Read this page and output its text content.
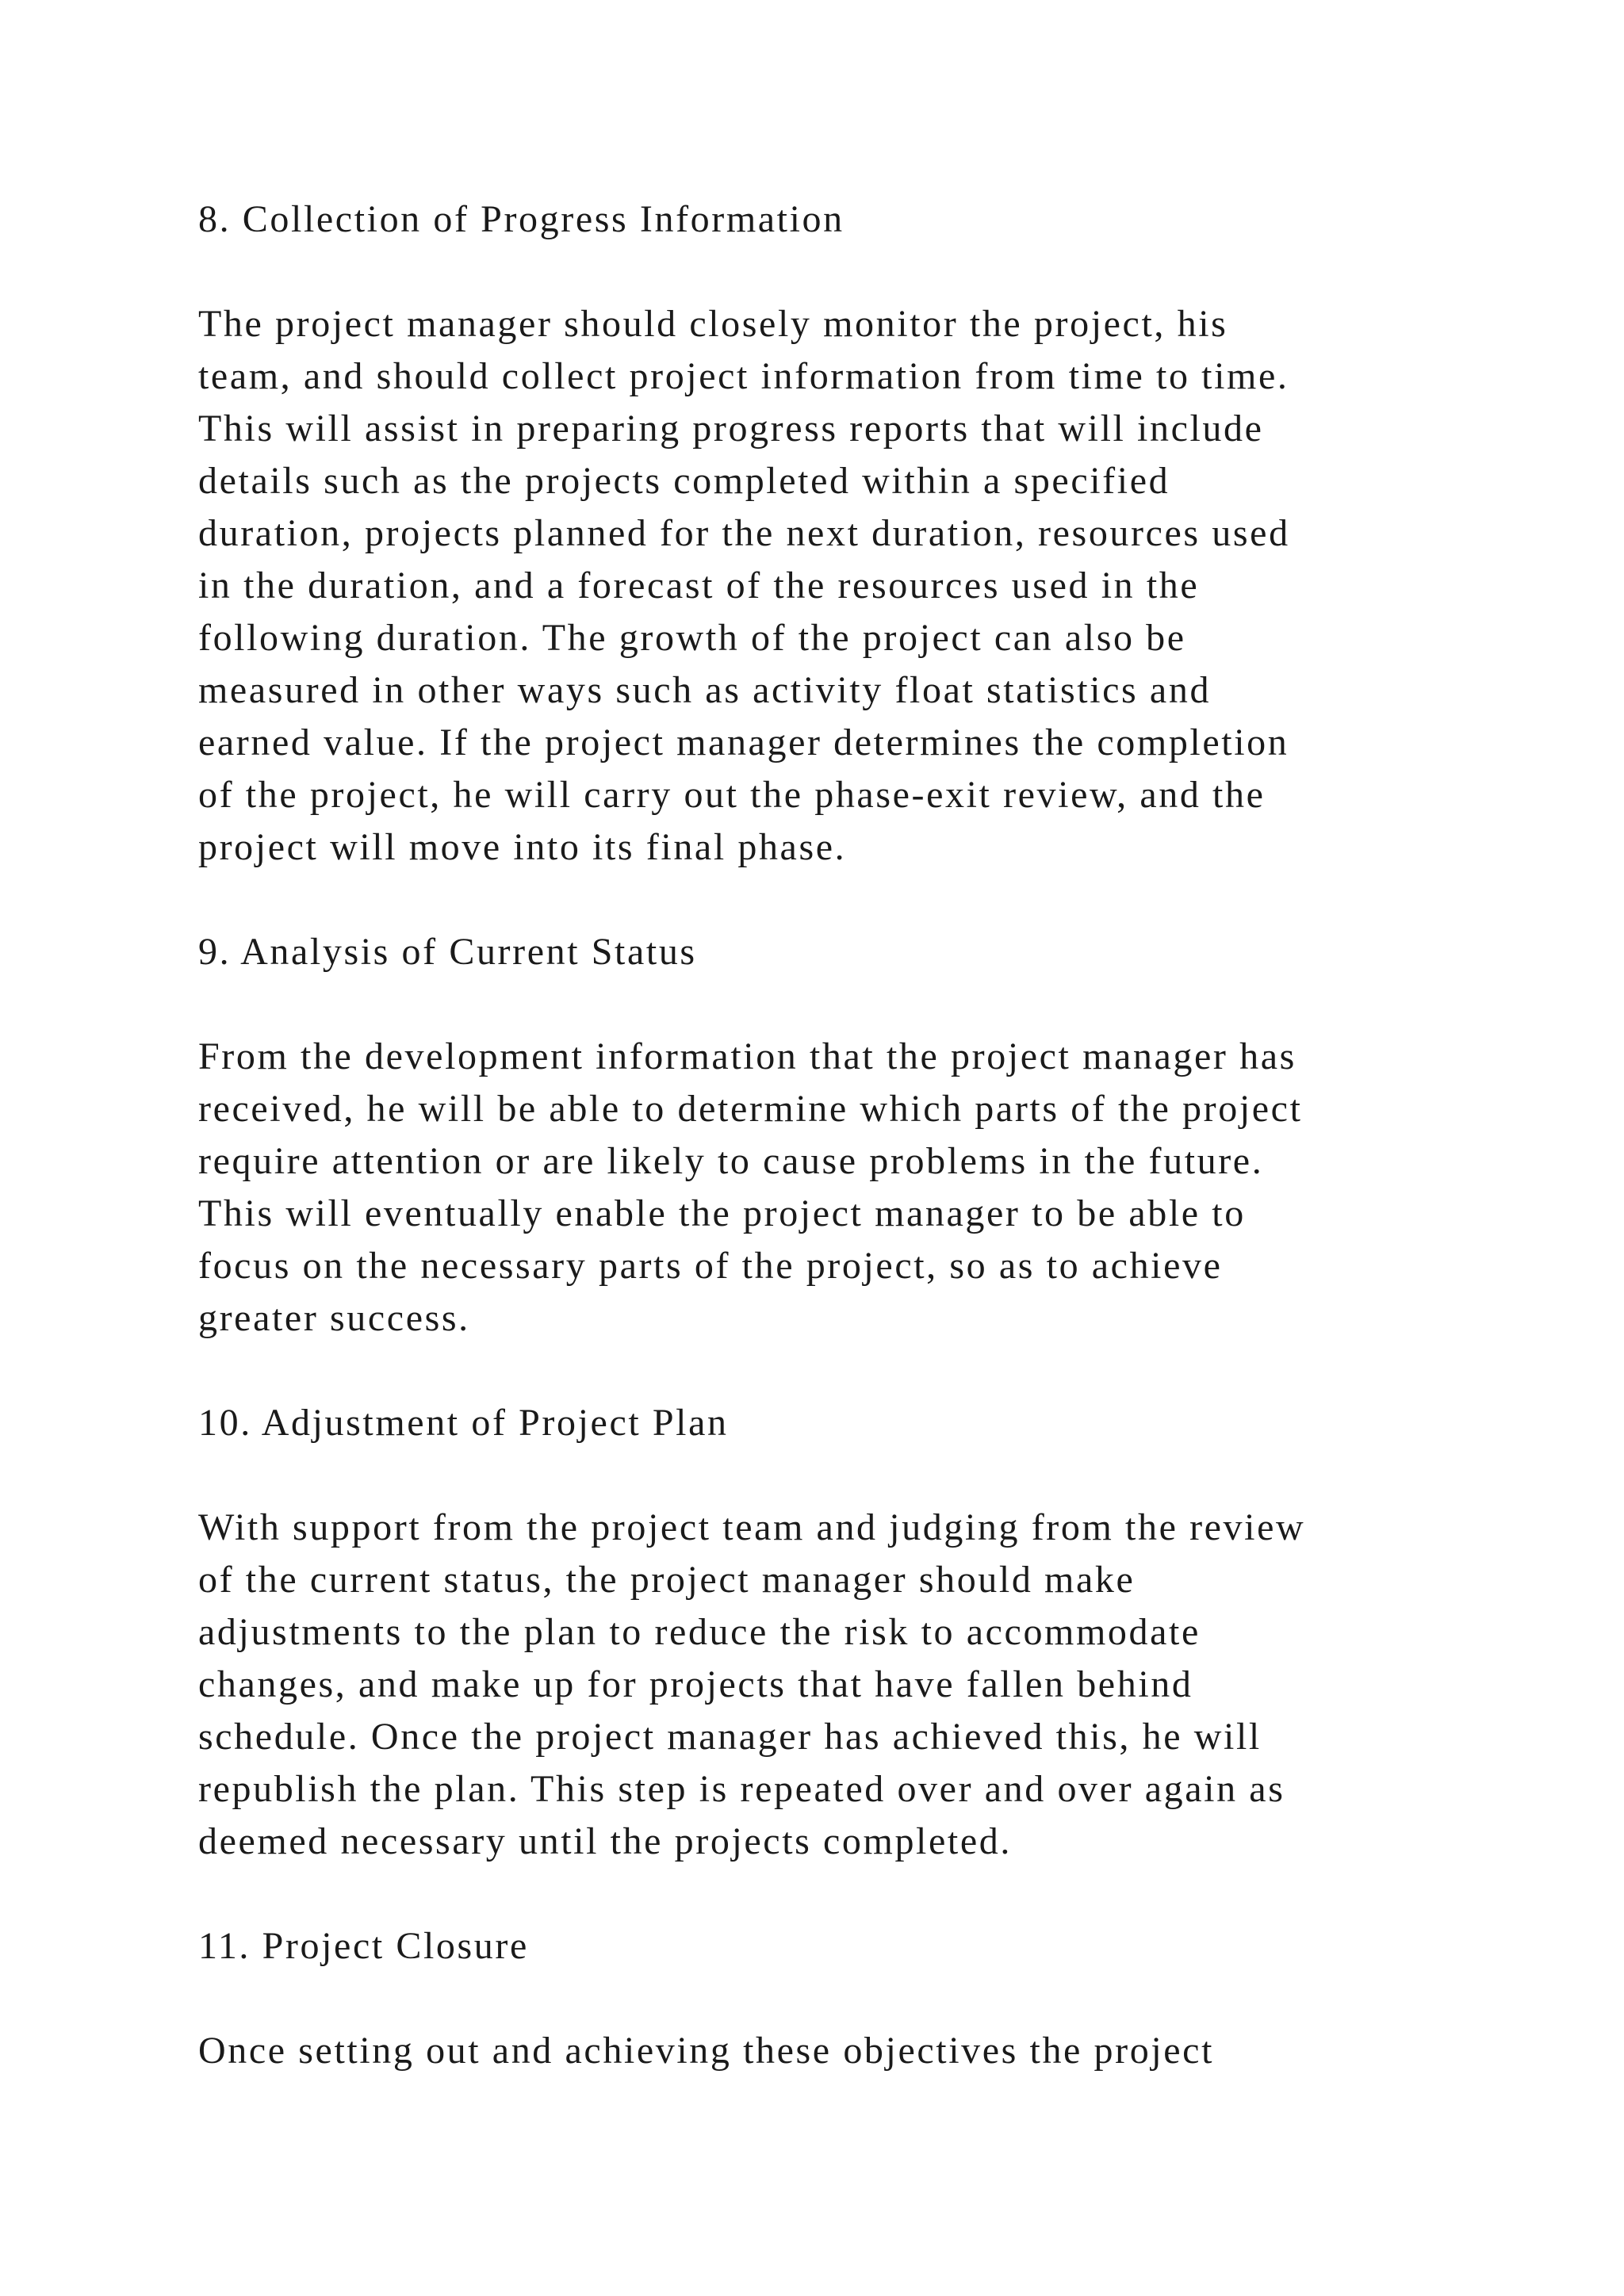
8. Collection of Progress Information

The project manager should closely monitor the project, his
team, and should collect project information from time to time.
This will assist in preparing progress reports that will include
details such as the projects completed within a specified
duration, projects planned for the next duration, resources used
in the duration, and a forecast of the resources used in the
following duration. The growth of the project can also be
measured in other ways such as activity float statistics and
earned value. If the project manager determines the completion
of the project, he will carry out the phase-exit review, and the
project will move into its final phase.

9. Analysis of Current Status

From the development information that the project manager has
received, he will be able to determine which parts of the project
require attention or are likely to cause problems in the future.
This will eventually enable the project manager to be able to
focus on the necessary parts of the project, so as to achieve
greater success.

10. Adjustment of Project Plan

With support from the project team and judging from the review
of the current status, the project manager should make
adjustments to the plan to reduce the risk to accommodate
changes, and make up for projects that have fallen behind
schedule. Once the project manager has achieved this, he will
republish the plan. This step is repeated over and over again as
deemed necessary until the projects completed.

11. Project Closure

Once setting out and achieving these objectives the project
